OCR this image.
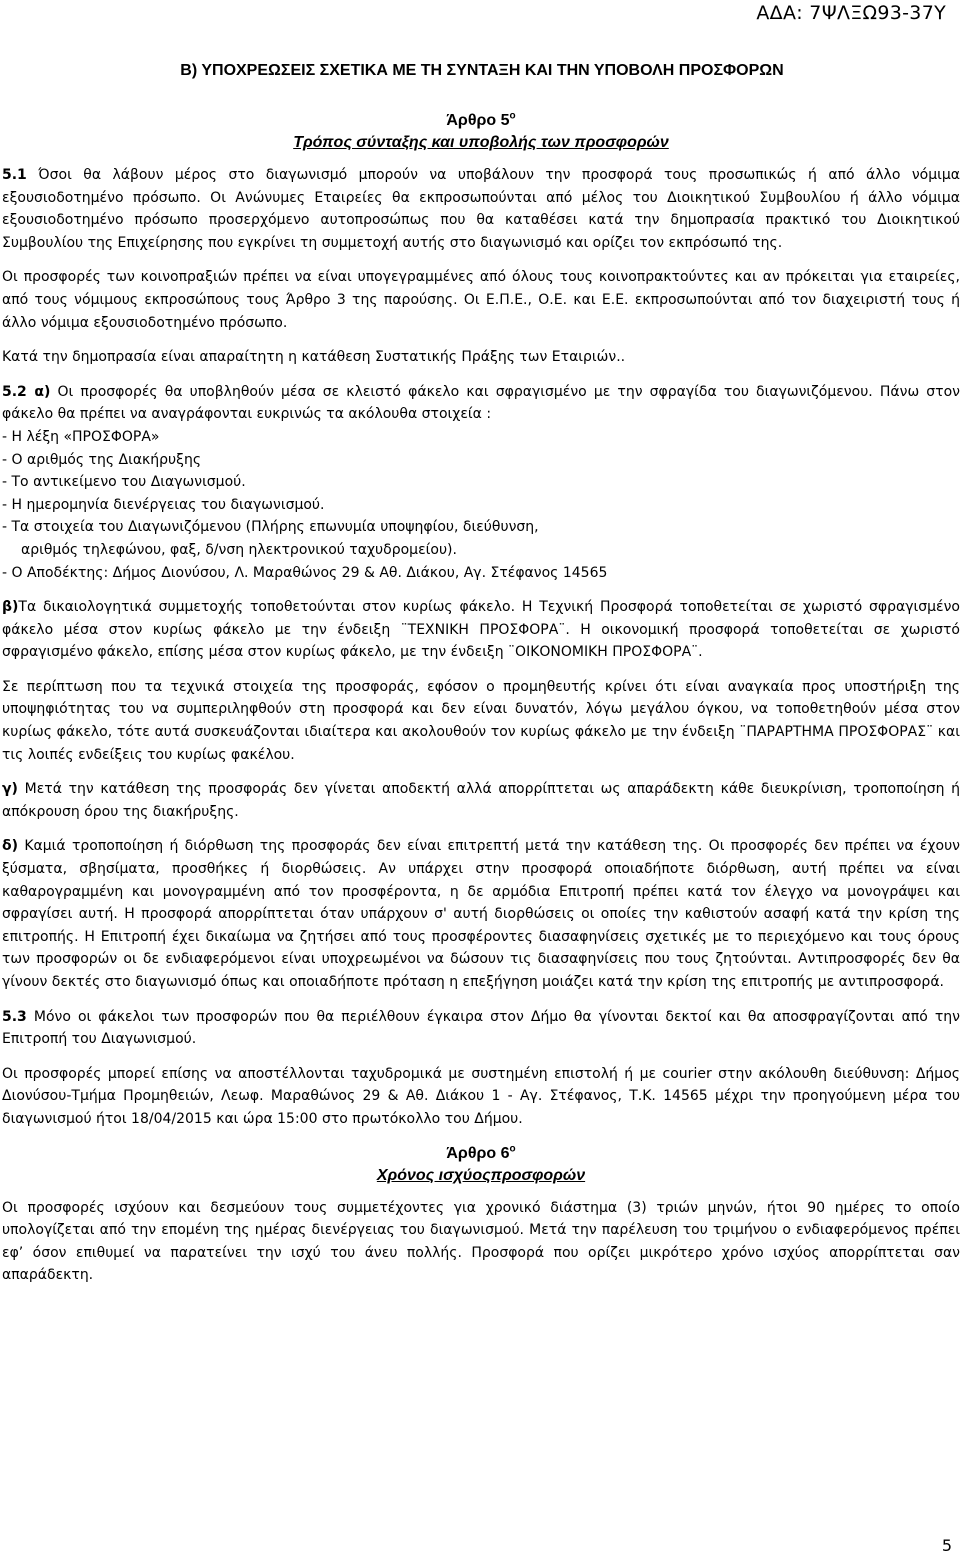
ΑΔΑ: 7ΨΛΞΩ93-37Υ
Β) ΥΠΟΧΡΕΩΣΕΙΣ ΣΧΕΤΙΚΑ ΜΕ ΤΗ ΣΥΝΤΑΞΗ ΚΑΙ ΤΗΝ ΥΠΟΒΟΛΗ ΠΡΟΣΦΟΡΩΝ
Άρθρο $5^o$
Τρόπος σύνταξης και υποβολής των προσφορών

5.1 Όσοι θα λάβουν μέρος στο διαγωνισμό μπορούν να υποβάλουν την προσφορά τους προσωπικώς ή από άλλο νόμιμα εξουσιοδοτημένο πρόσωπο. Οι Ανώνυμες Εταιρείες θα εκπροσωπούνται από μέλος του Διοικητικού Συμβουλίου ή άλλο νόμιμα εξουσιοδοτημένο πρόσωπο προσερχόμενο αυτοπροσώπως που θα καταθέσει κατά την δημοπρασία πρακτικό του Διοικητικού Συμβουλίου της Επιχείρησης που εγκρίνει τη συμμετοχή αυτής στο διαγωνισμό και ορίζει τον εκπρόσωπό της.

Οι προσφορές των κοινοπραξιών πρέπει να είναι υπογεγραμμένες από όλους τους κοινοπρακτούντες και αν πρόκειται για εταιρείες, από τους νόμιμους εκπροσώπους τους Άρθρο 3 της παρούσης. Οι Ε.Π.Ε., Ο.Ε. και Ε.Ε. εκπροσωπούνται από τον διαχειριστή τους ή άλλο νόμιμα εξουσιοδοτημένο πρόσωπο.

Κατά την δημοπρασία είναι απαραίτητη η κατάθεση Συστατικής Πράξης των Εταιριών..

5.2 α) Οι προσφορές θα υποβληθούν μέσα σε κλειστό φάκελο και σφραγισμένο με την σφραγίδα του διαγωνιζόμενου. Πάνω στον φάκελο θα πρέπει να αναγράφονται ευκρινώς τα ακόλουθα στοιχεία :

- Η λέξη «ΠΡΟΣΦΟΡΑ»
- Ο αριθμός της Διακήρυξης
- Το αντικείμενο του Διαγωνισμού.
- Η ημερομηνία διενέργειας του διαγωνισμού.
- Τα στοιχεία του Διαγωνιζόμενου (Πλήρης επωνυμία υποψηφίου, διεύθυνση,
αριθμός τηλεφώνου, φαξ, δ/νση ηλεκτρονικού ταχυδρομείου).
- Ο Αποδέκτης: Δήμος Διονύσου, Λ. Μαραθώνος 29 & Αθ. Διάκου, Αγ. Στέφανος 14565

β)Τα δικαιολογητικά συμμετοχής τοποθετούνται στον κυρίως φάκελο. Η Τεχνική Προσφορά τοποθετείται σε χωριστό σφραγισμένο φάκελο μέσα στον κυρίως φάκελο με την ένδειξη ¨ΤΕΧΝΙΚΗ ΠΡΟΣΦΟΡΑ¨. Η οικονομική προσφορά τοποθετείται σε χωριστό σφραγισμένο φάκελο, επίσης μέσα στον κυρίως φάκελο, με την ένδειξη ¨ΟΙΚΟΝΟΜΙΚΗ ΠΡΟΣΦΟΡΑ¨.

Σε περίπτωση που τα τεχνικά στοιχεία της προσφοράς, εφόσον ο προμηθευτής κρίνει ότι είναι αναγκαία προς υποστήριξη της υποψηφιότητας του να συμπεριληφθούν στη προσφορά και δεν είναι δυνατόν, λόγω μεγάλου όγκου, να τοποθετηθούν μέσα στον κυρίως φάκελο, τότε αυτά συσκευάζονται ιδιαίτερα και ακολουθούν τον κυρίως φάκελο με την ένδειξη ¨ΠΑΡΑΡΤΗΜΑ ΠΡΟΣΦΟΡΑΣ¨ και τις λοιπές ενδείξεις του κυρίως φακέλου.

γ) Μετά την κατάθεση της προσφοράς δεν γίνεται αποδεκτή αλλά απορρίπτεται ως απαράδεκτη κάθε διευκρίνιση, τροποποίηση ή απόκρουση όρου της διακήρυξης.

δ) Καμιά τροποποίηση ή διόρθωση της προσφοράς δεν είναι επιτρεπτή μετά την κατάθεση της. Οι προσφορές δεν πρέπει να έχουν ξύσματα, σβησίματα, προσθήκες ή διορθώσεις. Αν υπάρχει στην προσφορά οποιαδήποτε διόρθωση, αυτή πρέπει να είναι καθαρογραμμένη και μονογραμμένη από τον προσφέροντα, η δε αρμόδια Επιτροπή πρέπει κατά τον έλεγχο να μονογράψει και σφραγίσει αυτή. Η προσφορά απορρίπτεται όταν υπάρχουν σ' αυτή διορθώσεις οι οποίες την καθιστούν ασαφή κατά την κρίση της επιτροπής. Η Επιτροπή έχει δικαίωμα να ζητήσει από τους προσφέροντες διασαφηνίσεις σχετικές με το περιεχόμενο και τους όρους των προσφορών οι δε ενδιαφερόμενοι είναι υποχρεωμένοι να δώσουν τις διασαφηνίσεις που τους ζητούνται. Αντιπροσφορές δεν θα γίνουν δεκτές στο διαγωνισμό όπως και οποιαδήποτε πρόταση η επεξήγηση μοιάζει κατά την κρίση της επιτροπής με αντιπροσφορά.

5.3 Μόνο οι φάκελοι των προσφορών που θα περιέλθουν έγκαιρα στον Δήμο θα γίνονται δεκτοί και θα αποσφραγίζονται από την Επιτροπή του Διαγωνισμού.

Οι προσφορές μπορεί επίσης να αποστέλλονται ταχυδρομικά με συστημένη επιστολή ή με courier στην ακόλουθη διεύθυνση: Δήμος Διονύσου-Τμήμα Προμηθειών, Λεωφ. Μαραθώνος 29 & Αθ. Διάκου 1 - Αγ. Στέφανος, Τ.Κ. 14565 μέχρι την προηγούμενη μέρα του διαγωνισμού ήτοι 18/04/2015 και ώρα 15:00 στο πρωτόκολλο του Δήμου.

Άρθρο $6^o$
Χρόνος ισχύοςπροσφορών

Οι προσφορές ισχύουν και δεσμεύουν τους συμμετέχοντες για χρονικό διάστημα (3) τριών μηνών, ήτοι 90 ημέρες το οποίο υπολογίζεται από την επομένη της ημέρας διενέργειας του διαγωνισμού. Μετά την παρέλευση του τριμήνου ο ενδιαφερόμενος πρέπει εφ’ όσον επιθυμεί να παρατείνει την ισχύ του άνευ πολλής. Προσφορά που ορίζει μικρότερο χρόνο ισχύος απορρίπτεται σαν απαράδεκτη.

5
